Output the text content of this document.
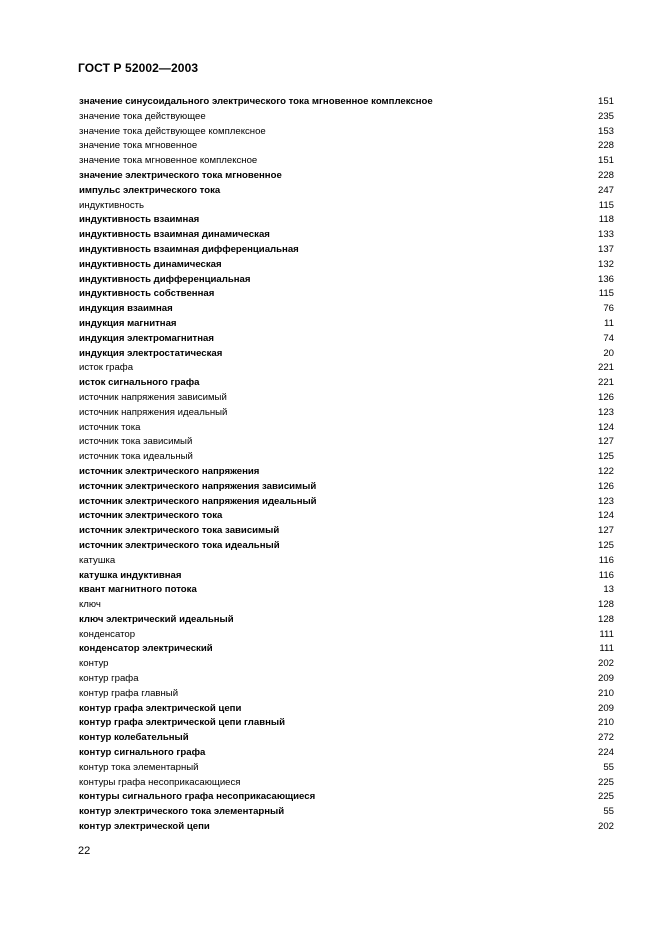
ГОСТ Р 52002—2003
значение синусоидального электрического тока мгновенное комплексное	151
значение тока действующее	235
значение тока действующее комплексное	153
значение тока мгновенное	228
значение тока мгновенное комплексное	151
значение электрического тока мгновенное	228
импульс электрического тока	247
индуктивность	115
индуктивность взаимная	118
индуктивность взаимная динамическая	133
индуктивность взаимная дифференциальная	137
индуктивность динамическая	132
индуктивность дифференциальная	136
индуктивность собственная	115
индукция взаимная	76
индукция магнитная	11
индукция электромагнитная	74
индукция электростатическая	20
исток графа	221
исток сигнального графа	221
источник напряжения зависимый	126
источник напряжения идеальный	123
источник тока	124
источник тока зависимый	127
источник тока идеальный	125
источник электрического напряжения	122
источник электрического напряжения зависимый	126
источник электрического напряжения идеальный	123
источник электрического тока	124
источник электрического тока зависимый	127
источник электрического тока идеальный	125
катушка	116
катушка индуктивная	116
квант магнитного потока	13
ключ	128
ключ электрический идеальный	128
конденсатор	111
конденсатор электрический	111
контур	202
контур графа	209
контур графа главный	210
контур графа электрической цепи	209
контур графа электрической цепи главный	210
контур колебательный	272
контур сигнального графа	224
контур тока элементарный	55
контуры графа несоприкасающиеся	225
контуры сигнального графа несоприкасающиеся	225
контур электрического тока элементарный	55
контур электрической цепи	202
22
